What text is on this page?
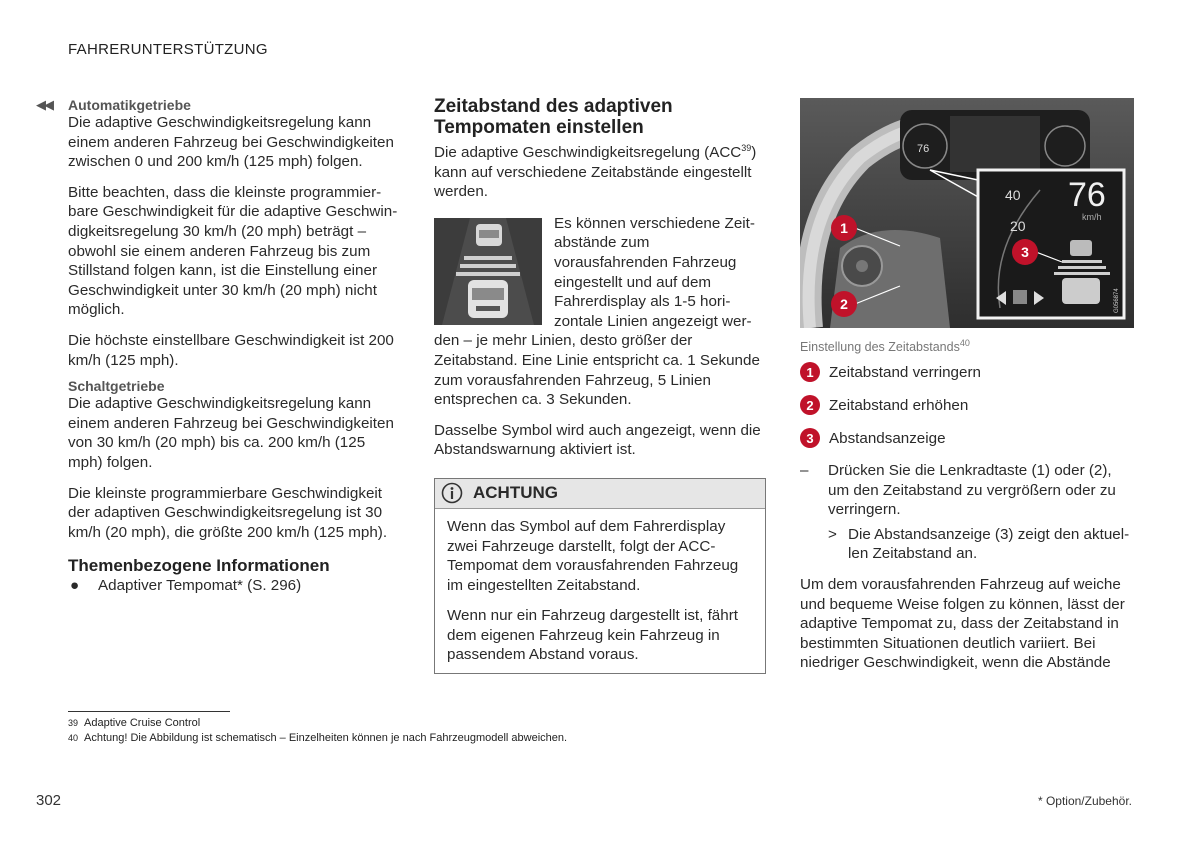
FAHRERUNTERSTÜTZUNG
◀◀ Automatikgetriebe

Die adaptive Geschwindigkeitsregelung kann einem anderen Fahrzeug bei Geschwindigkeiten zwischen 0 und 200 km/h (125 mph) folgen.

Bitte beachten, dass die kleinste programmierbare Geschwindigkeit für die adaptive Geschwindigkeitsregelung 30 km/h (20 mph) beträgt – obwohl sie einem anderen Fahrzeug bis zum Stillstand folgen kann, ist die Einstellung einer Geschwindigkeit unter 30 km/h (20 mph) nicht möglich.

Die höchste einstellbare Geschwindigkeit ist 200 km/h (125 mph).

Schaltgetriebe

Die adaptive Geschwindigkeitsregelung kann einem anderen Fahrzeug bei Geschwindigkeiten von 30 km/h (20 mph) bis ca. 200 km/h (125 mph) folgen.

Die kleinste programmierbare Geschwindigkeit der adaptiven Geschwindigkeitsregelung ist 30 km/h (20 mph), die größte 200 km/h (125 mph).

Themenbezogene Informationen

●	Adaptiver Tempomat* (S. 296)
Zeitabstand des adaptiven Tempomaten einstellen

Die adaptive Geschwindigkeitsregelung (ACC$^{39}$) kann auf verschiedene Zeitabstände eingestellt werden.

Es können verschiedene Zeitabstände zum vorausfahrenden Fahrzeug eingestellt und auf dem Fahrerdisplay als 1-5 horizontale Linien angezeigt werden – je mehr Linien, desto größer der Zeitabstand. Eine Linie entspricht ca. 1 Sekunde zum vorausfahrenden Fahrzeug, 5 Linien entsprechen ca. 3 Sekunden.

Dasselbe Symbol wird auch angezeigt, wenn die Abstandswarnung aktiviert ist.

ACHTUNG

Wenn das Symbol auf dem Fahrerdisplay zwei Fahrzeuge darstellt, folgt der ACC-Tempomat dem vorausfahrenden Fahrzeug im eingestellten Zeitabstand.

Wenn nur ein Fahrzeug dargestellt ist, fährt dem eigenen Fahrzeug kein Fahrzeug in passendem Abstand voraus.

76
40
20
76
km/h
G056874
1
2
3
Einstellung des Zeitabstands$^{40}$
1	Zeitabstand verringern
2	Zeitabstand erhöhen
3	Abstandsanzeige
–	Drücken Sie die Lenkradtaste (1) oder (2), um den Zeitabstand zu vergrößern oder zu verringern.
> Die Abstandsanzeige (3) zeigt den aktuellen Zeitabstand an.

Um dem vorausfahrenden Fahrzeug auf weiche und bequeme Weise folgen zu können, lässt der adaptive Tempomat zu, dass der Zeitabstand in bestimmten Situationen deutlich variiert. Bei niedriger Geschwindigkeit, wenn die Abstände

39 Adaptive Cruise Control
40 Achtung! Die Abbildung ist schematisch – Einzelheiten können je nach Fahrzeugmodell abweichen.
302	* Option/Zubehör.
